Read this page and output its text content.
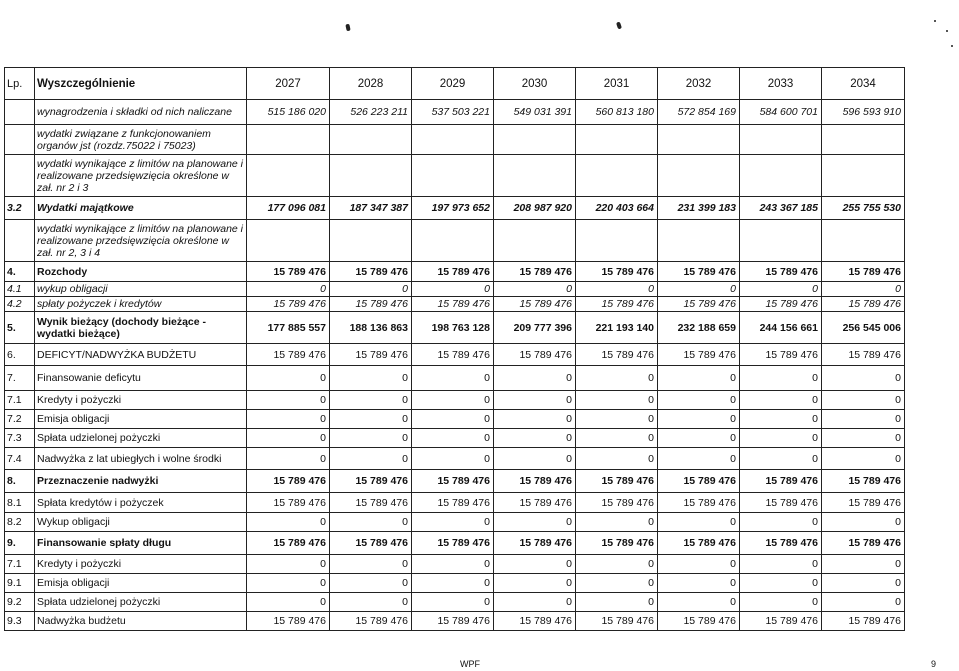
Lp.	Wyszczególnienie	2027	2028	2029	2030	2031	2032	2033	2034
	wynagrodzenia i składki od nich naliczane	515 186 020	526 223 211	537 503 221	549 031 391	560 813 180	572 854 169	584 600 701	596 593 910
	wydatki związane z funkcjonowaniem organów jst (rozdz.75022 i 75023)								
	wydatki wynikające z limitów na planowane i realizowane przedsięwzięcia określone w zał. nr 2 i 3								
3.2	Wydatki majątkowe	177 096 081	187 347 387	197 973 652	208 987 920	220 403 664	231 399 183	243 367 185	255 755 530
	wydatki wynikające z limitów na planowane i realizowane przedsięwzięcia określone w zał. nr 2, 3 i 4								
4.	Rozchody	15 789 476	15 789 476	15 789 476	15 789 476	15 789 476	15 789 476	15 789 476	15 789 476
4.1	wykup obligacji	0	0	0	0	0	0	0	0
4.2	spłaty pożyczek i kredytów	15 789 476	15 789 476	15 789 476	15 789 476	15 789 476	15 789 476	15 789 476	15 789 476
5.	Wynik bieżący (dochody bieżące - wydatki bieżące)	177 885 557	188 136 863	198 763 128	209 777 396	221 193 140	232 188 659	244 156 661	256 545 006
6.	DEFICYT/NADWYŻKA BUDŻETU	15 789 476	15 789 476	15 789 476	15 789 476	15 789 476	15 789 476	15 789 476	15 789 476
7.	Finansowanie deficytu	0	0	0	0	0	0	0	0
7.1	Kredyty i pożyczki	0	0	0	0	0	0	0	0
7.2	Emisja obligacji	0	0	0	0	0	0	0	0
7.3	Spłata udzielonej pożyczki	0	0	0	0	0	0	0	0
7.4	Nadwyżka z lat ubiegłych i wolne środki	0	0	0	0	0	0	0	0
8.	Przeznaczenie nadwyżki	15 789 476	15 789 476	15 789 476	15 789 476	15 789 476	15 789 476	15 789 476	15 789 476
8.1	Spłata kredytów i pożyczek	15 789 476	15 789 476	15 789 476	15 789 476	15 789 476	15 789 476	15 789 476	15 789 476
8.2	Wykup obligacji	0	0	0	0	0	0	0	0
9.	Finansowanie spłaty długu	15 789 476	15 789 476	15 789 476	15 789 476	15 789 476	15 789 476	15 789 476	15 789 476
7.1	Kredyty i pożyczki	0	0	0	0	0	0	0	0
9.1	Emisja obligacji	0	0	0	0	0	0	0	0
9.2	Spłata udzielonej pożyczki	0	0	0	0	0	0	0	0
9.3	Nadwyżka budżetu	15 789 476	15 789 476	15 789 476	15 789 476	15 789 476	15 789 476	15 789 476	15 789 476
WPF	9
